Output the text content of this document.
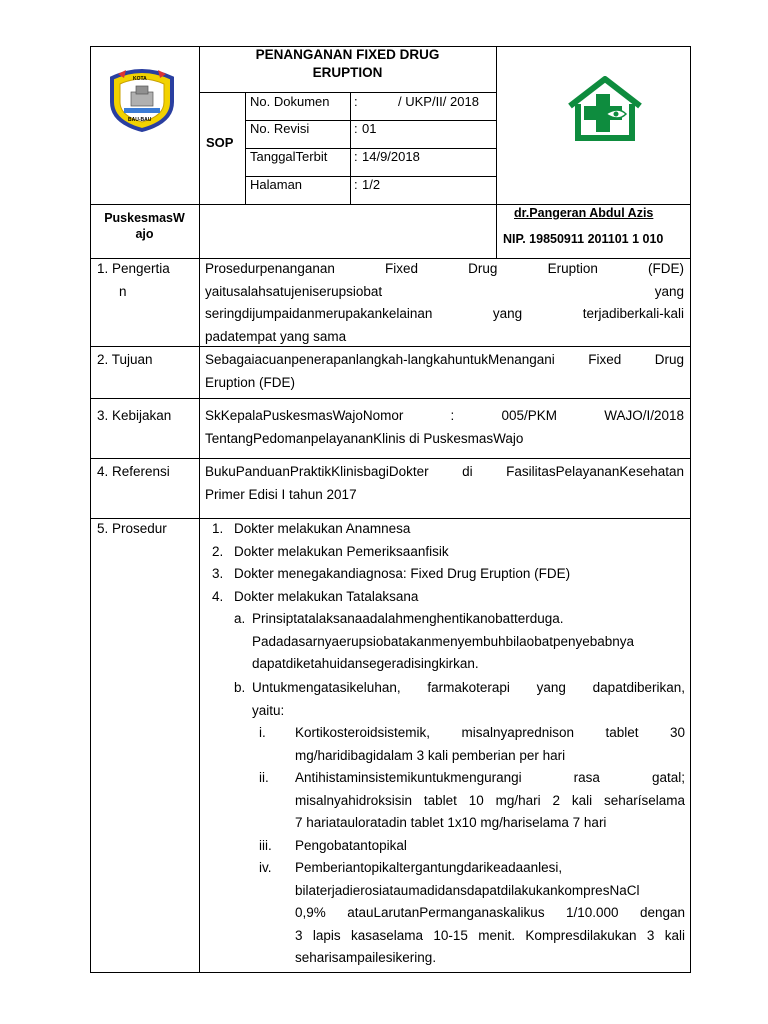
KOTA
BAU-BAU
PENANGANAN FIXED DRUG
ERUPTION
SOP
No. Dokumen :	/ UKP/II/ 2018
No. Revisi	: 01
TanggalTerbit : 14/9/2018
Halaman	: 1/2
PuskesmasW
ajo
dr.Pangeran Abdul Azis
NIP. 19850911 201101 1 010
1. Pengertia
n
Prosedurpenanganan Fixed Drug Eruption (FDE)
yaitusalahsatujeniserupsiobat yang
seringdijumpaidanmerupakankelainan yang terjadiberkali-kali
padatempat yang sama
2. Tujuan	Sebagaiacuanpenerapanlangkah-langkahuntukMenangani Fixed Drug
Eruption (FDE)
3. Kebijakan SkKepalaPuskesmasWajoNomor : 005/PKM WAJO/I/2018
TentangPedomanpelayananKlinis di PuskesmasWajo
4. Referensi	BukuPanduanPraktikKlinisbagiDokter di FasilitasPelayananKesehatan
Primer Edisi I tahun 2017
5. Prosedur	1. Dokter melakukan Anamnesa
2. Dokter melakukan Pemeriksaanfisik
3. Dokter menegakandiagnosa: Fixed Drug Eruption (FDE)
4. Dokter melakukan Tatalaksana
a. Prinsiptatalaksanaadalahmenghentikanobatterduga.
Padadasarnyaerupsiobatakanmenyembuhbilaobatpenyebabnya
dapatdiketahuidansegeradisingkirkan.
b. Untukmengatasikeluhan, farmakoterapi yang dapatdiberikan,
yaitu:
i. Kortikosteroidsistemik, misalnyaprednison tablet 30
mg/haridibagidalam 3 kali pemberian per hari
ii. Antihistaminsistemikuntukmengurangi rasa gatal;
misalnyahidroksisin tablet 10 mg/hari 2 kali seharíselama
7 hariatauloratadin tablet 1x10 mg/hariselama 7 hari
iii. Pengobatantopikal
iv. Pemberiantopikaltergantungdarikeadaanlesi,
bilaterjadierosiataumadidansdapatdilakukankompresNaCl
0,9% atauLarutanPermanganaskalikus 1/10.000 dengan
3 lapis kasaselama 10-15 menit. Kompresdilakukan 3 kali
seharisampailesikering.
